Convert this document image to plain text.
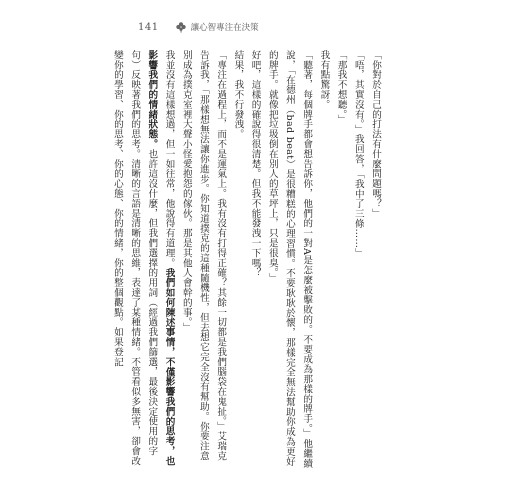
141	讓心智專注在決策

「你對於自己的打法有什麼問題嗎？」

「唔，其實沒有。」我回答，「我中了三條……」

「那我不想聽。」

我有點驚訝。

「聽著，每個牌手都會想告訴你，他們的一對A是怎麼被擊敗的。不要成為那樣的牌手。」他繼續說，「在德州（bad beat）是很糟糕的心理習慣。不要耿耿於懷，那樣完全無法幫助你成為更好的牌手。就像把垃圾倒在別人的草坪上，只是很臭。」

好吧，這樣的確說得很清楚。但我不能發洩一下嗎？

結果，我不行發洩。

「專注在過程上，而不是運氣上。我有沒有打得正確？其餘一切都是我們腦袋在鬼扯。」艾瑞克告訴我，「那樣想無法讓你進步。你知道撲克的這種隨機性，但去想它完全沒有幫助。你要注意別成為撲克室裡大聲小怪愛抱怨的傢伙。那是其他人會幹的事。」

我並沒有這樣想過，但一如往常，他說得有道理。我們如何陳述事情，不僅影響我們的思考，也影響我們的情緒狀態。也許這沒什麼，但我們選擇的用詞（經過我們篩選，最後決定使用的字句）反映著我們的思考。清晰的言語是清晰的思維，表達了某種情緒。不管看似多無害，卻會改變你的學習、你的思考、你的心態、你的情緒，你的整個觀點。如果登記
